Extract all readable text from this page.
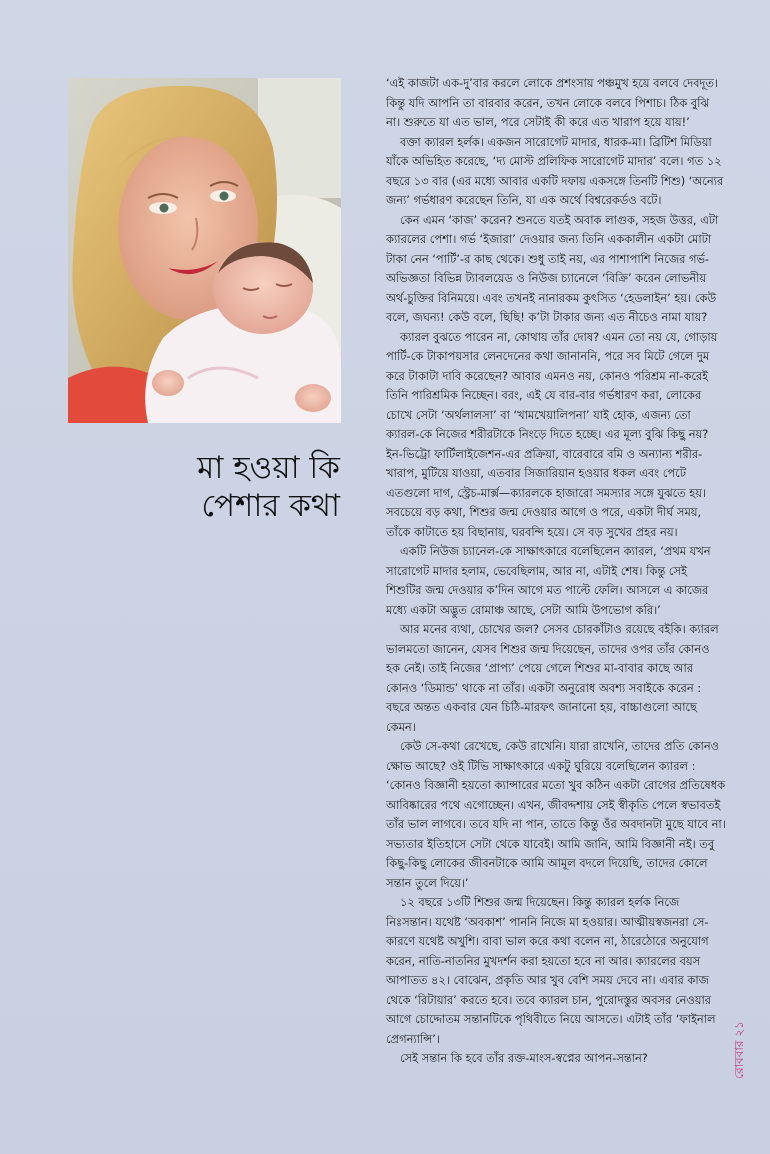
মা হওয়া কি
পেশার কথা

‘এই কাজটা এক-দু’বার করলে লোকে প্রশংসায় পঞ্চমুখ হয়ে বলবে দেবদূত। কিন্তু যদি আপনি তা বারবার করেন, তখন লোকে বলবে পিশাচ। ঠিক বুঝি না। শুরুতে যা এত ভাল, পরে সেটাই কী করে এত খারাপ হয়ে যায়!’

বক্তা ক্যারল হর্লক। একজন সারোগেট মাদার, ধারক-মা। ব্রিটিশ মিডিয়া যাঁকে অভিহিত করেছে, ‘দ্য মোস্ট প্রলিফিক সারোগেট মাদার’ বলে। গত ১২ বছরে ১৩ বার (এর মধ্যে আবার একটি দফায় একসঙ্গে তিনটি শিশু) ‘অন্যের জন্য’ গর্ভধারণ করেছেন তিনি, যা এক অর্থে বিশ্বরেকর্ডও বটে।

কেন এমন ‘কাজ’ করেন? শুনতে যতই অবাক লাগুক, সহজ উত্তর, এটা ক্যারলের পেশা। গর্ভ ‘ইজারা’ দেওয়ার জন্য তিনি এককালীন একটা মোটা টাকা নেন ‘পার্টি’-র কাছ থেকে। শুধু তাই নয়, এর পাশাপাশি নিজের গর্ভ-অভিজ্ঞতা বিভিন্ন ট্যাবলয়েড ও নিউজ চ্যানেলে ‘বিক্রি’ করেন লোভনীয় অর্থ-চুক্তির বিনিময়ে। এবং তখনই নানারকম কুৎসিত ‘হেডলাইন’ হয়। কেউ বলে, জঘন্য! কেউ বলে, ছিছি! ক’টা টাকার জন্য এত নীচেও নামা যায়?

ক্যারল বুঝতে পারেন না, কোথায় তাঁর দোষ? এমন তো নয় যে, গোড়ায় পার্টি-কে টাকাপয়সার লেনদেনের কথা জানাননি, পরে সব মিটে গেলে দুম করে টাকাটা দাবি করেছেন? আবার এমনও নয়, কোনও পরিশ্রম না-করেই তিনি পারিশ্রমিক নিচ্ছেন। বরং, এই যে বার-বার গর্ভধারণ করা, লোকের চোখে সেটা ‘অর্থলালসা’ বা ‘খামখেয়ালিপনা’ যাই হোক, এজন্য তো ক্যারল-কে নিজের শরীরটাকে নিংড়ে দিতে হচ্ছে। এর মূল্য বুঝি কিছু নয়? ইন-ভিট্রো ফার্টিলাইজেশন-এর প্রক্রিয়া, বারেবারে বমি ও অন্যান্য শরীর-খারাপ, মুটিয়ে যাওয়া, এতবার সিজারিয়ান হওয়ার ধকল এবং পেটে এতগুলো দাগ, স্ট্রেচ-মার্ক্স—ক্যারলকে হাজারো সমস্যার সঙ্গে যুঝতে হয়। সবচেয়ে বড় কথা, শিশুর জন্ম দেওয়ার আগে ও পরে, একটা দীর্ঘ সময়, তাঁকে কাটাতে হয় বিছানায়, ঘরবন্দি হয়ে। সে বড় সুখের প্রহর নয়।

একটি নিউজ চ্যানেল-কে সাক্ষাৎকারে বলেছিলেন ক্যারল, ‘প্রথম যখন সারোগেট মাদার হলাম, ভেবেছিলাম, আর না, এটাই শেষ। কিন্তু সেই শিশুটির জন্ম দেওয়ার ক’দিন আগে মত পাল্টে ফেলি। আসলে এ কাজের মধ্যে একটা অদ্ভুত রোমাঞ্চ আছে, সেটা আমি উপভোগ করি।’

আর মনের ব্যথা, চোখের জল? সেসব চোরকাঁটাও রয়েছে বইকি। ক্যারল ভালমতো জানেন, যেসব শিশুর জন্ম দিয়েছেন, তাদের ওপর তাঁর কোনও হক নেই। তাই নিজের ‘প্রাপ্য’ পেয়ে গেলে শিশুর মা-বাবার কাছে আর কোনও ‘ডিমান্ড’ থাকে না তাঁর। একটা অনুরোধ অবশ্য সবাইকে করেন : বছরে অন্তত একবার যেন চিঠি-মারফৎ জানানো হয়, বাচ্চাগুলো আছে কেমন।

কেউ সে-কথা রেখেছে, কেউ রাখেনি। যারা রাখেনি, তাদের প্রতি কোনও ক্ষোভ আছে? ওই টিভি সাক্ষাৎকারে একটু ঘুরিয়ে বলেছিলেন ক্যারল : ‘কোনও বিজ্ঞানী হয়তো ক্যান্সারের মতো খুব কঠিন একটা রোগের প্রতিষেধক আবিষ্কারের পথে এগোচ্ছেন। এখন, জীবদ্দশায় সেই স্বীকৃতি পেলে স্বভাবতই তাঁর ভাল লাগবে। তবে যদি না পান, তাতে কিন্তু ওঁর অবদানটা মুছে যাবে না। সভ্যতার ইতিহাসে সেটা থেকে যাবেই। আমি জানি, আমি বিজ্ঞানী নই। তবু কিছু-কিছু লোকের জীবনটাকে আমি আমূল বদলে দিয়েছি, তাদের কোলে সন্তান তুলে দিয়ে।’

১২ বছরে ১৩টি শিশুর জন্ম দিয়েছেন। কিন্তু ক্যারল হর্লক নিজে নিঃসন্তান। যথেষ্ট ‘অবকাশ’ পাননি নিজে মা হওয়ার। আত্মীয়স্বজনরা সে-কারণে যথেষ্ট অখুশি। বাবা ভাল করে কথা বলেন না, ঠারেঠোরে অনুযোগ করেন, নাতি-নাতনির মুখদর্শন করা হয়তো হবে না আর। ক্যারলের বয়স আপাতত ৪২। বোঝেন, প্রকৃতি আর খুব বেশি সময় দেবে না। এবার কাজ থেকে ‘রিটায়ার’ করতে হবে। তবে ক্যারল চান, পুরোদস্তুর অবসর নেওয়ার আগে চোদ্দোতম সন্তানটিকে পৃথিবীতে নিয়ে আসতে। এটাই তাঁর ‘ফাইনাল প্রেগন্যান্সি’।

সেই সন্তান কি হবে তাঁর রক্ত-মাংস-স্বপ্নের আপন-সন্তান?	রোববার ২১
